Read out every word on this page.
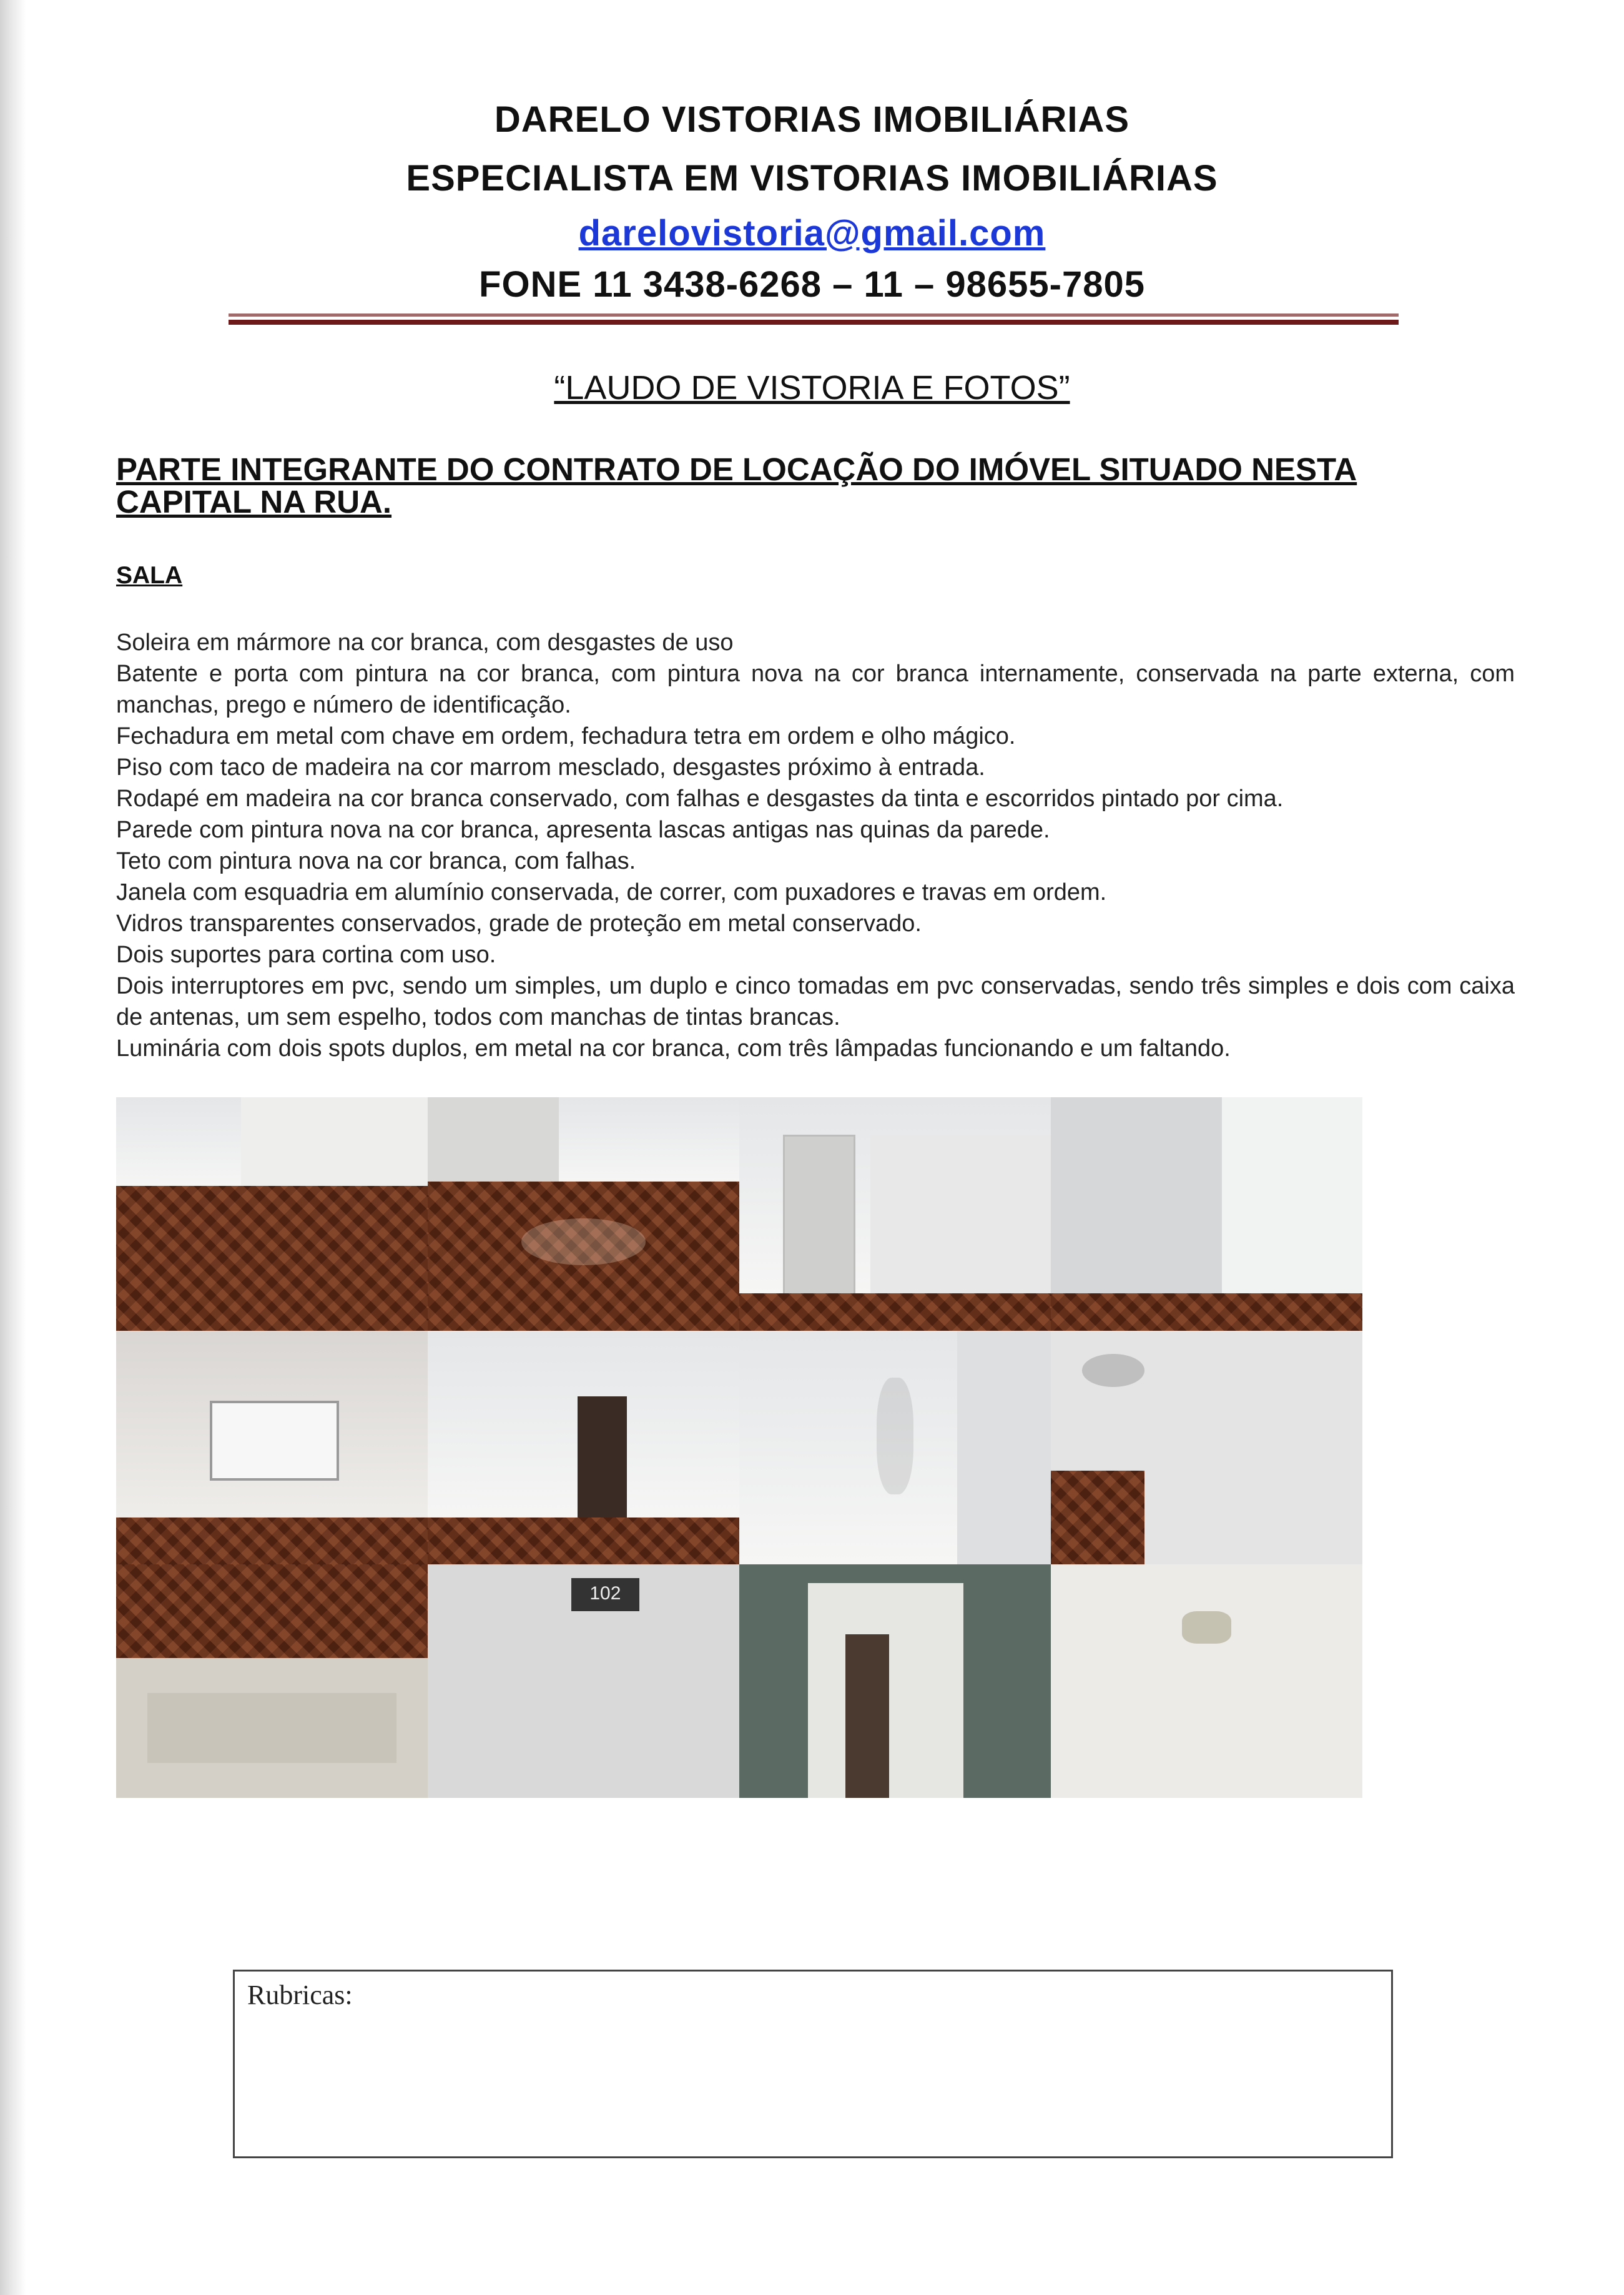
DARELO VISTORIAS IMOBILIÁRIAS
ESPECIALISTA EM VISTORIAS IMOBILIÁRIAS
darelovistoria@gmail.com
FONE 11 3438-6268 – 11 – 98655-7805
“LAUDO DE VISTORIA E FOTOS”
PARTE INTEGRANTE DO CONTRATO DE LOCAÇÃO DO IMÓVEL SITUADO NESTA CAPITAL NA RUA.
SALA
Soleira em mármore na cor branca, com desgastes de uso
Batente e porta com pintura na cor branca, com pintura nova na cor branca internamente, conservada na parte externa, com manchas, prego e número de identificação.
Fechadura em metal com chave em ordem, fechadura tetra em ordem e olho mágico.
Piso com taco de madeira na cor marrom mesclado, desgastes próximo à entrada.
Rodapé em madeira na cor branca conservado, com falhas e desgastes da tinta e escorridos pintado por cima.
Parede com pintura nova na cor branca, apresenta lascas antigas nas quinas da parede.
Teto com pintura nova na cor branca, com falhas.
Janela com esquadria em alumínio conservada, de correr, com puxadores e travas em ordem.
Vidros transparentes conservados, grade de proteção em metal conservado.
Dois suportes para cortina com uso.
Dois interruptores em pvc, sendo um simples, um duplo e cinco tomadas em pvc conservadas, sendo três simples e dois com caixa de antenas, um sem espelho, todos com manchas de tintas brancas.
Luminária com dois spots duplos, em metal na cor branca, com três lâmpadas funcionando e um faltando.
102
Rubricas:
